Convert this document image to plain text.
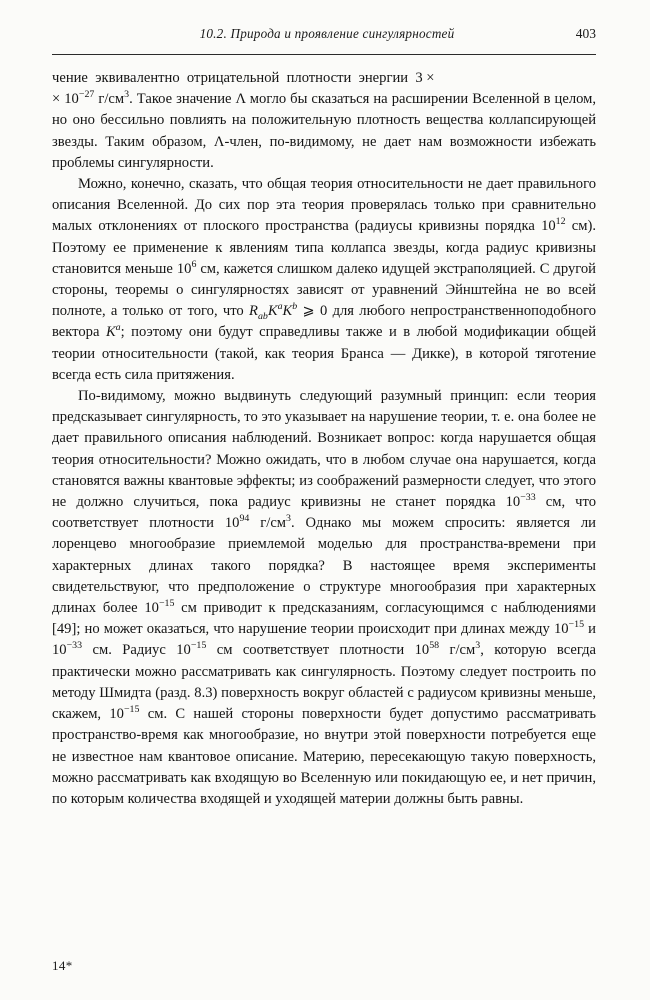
10.2. Природа и проявление сингулярностей	403

чение  эквивалентно  отрицательной  плотности  энергии  3 ×
× $10^{-27}$ $г/см^3$. Такое значение Λ могло бы сказаться на расширении Вселенной в целом, но оно бессильно повлиять на положительную плотность вещества коллапсирующей звезды. Таким образом, Λ-член, по-видимому, не дает нам возможности избежать проблемы сингулярности.

Можно, конечно, сказать, что общая теория относительности не дает правильного описания Вселенной. До сих пор эта теория проверялась только при сравнительно малых отклонениях от плоского пространства (радиусы кривизны порядка $10^{12}$ см). Поэтому ее применение к явлениям типа коллапса звезды, когда радиус кривизны становится меньше $10^6$ см, кажется слишком далеко идущей экстраполяцией. С другой стороны, теоремы о сингулярностях зависят от уравнений Эйнштейна не во всей полноте, а только от того, что $R_{ab}K^aK^b$ ⩾ 0 для любого непространственноподобного вектора $K^a$; поэтому они будут справедливы также и в любой модификации общей теории относительности (такой, как теория Бранса — Дикке), в которой тяготение всегда есть сила притяжения.

По-видимому, можно выдвинуть следующий разумный принцип: если теория предсказывает сингулярность, то это указывает на нарушение теории, т. е. она более не дает правильного описания наблюдений. Возникает вопрос: когда нарушается общая теория относительности? Можно ожидать, что в любом случае она нарушается, когда становятся важны квантовые эффекты; из соображений размерности следует, что этого не должно случиться, пока радиус кривизны не станет порядка $10^{-33}$ см, что соответствует плотности $10^{94}$ $г/см^3$. Однако мы можем спросить: является ли лоренцево многообразие приемлемой моделью для пространства-времени при характерных длинах такого порядка? В настоящее время эксперименты свидетельствуюг, что предположение о структуре многообразия при характерных длинах более $10^{-15}$ см приводит к предсказаниям, согласующимся с наблюдениями [49]; но может оказаться, что нарушение теории происходит при длинах между $10^{-15}$ и $10^{-33}$ см. Радиус $10^{-15}$ см соответствует плотности $10^{58}$ $г/см^3$, которую всегда практически можно рассматривать как сингулярность. Поэтому следует построить по методу Шмидта (разд. 8.3) поверхность вокруг областей с радиусом кривизны меньше, скажем, $10^{-15}$ см. С нашей стороны поверхности будет допустимо рассматривать пространство-время как многообразие, но внутри этой поверхности потребуется еще не известное нам квантовое описание. Материю, пересекающую такую поверхность, можно рассматривать как входящую во Вселенную или покидающую ее, и нет причин, по которым количества входящей и уходящей материи должны быть равны.

14*
